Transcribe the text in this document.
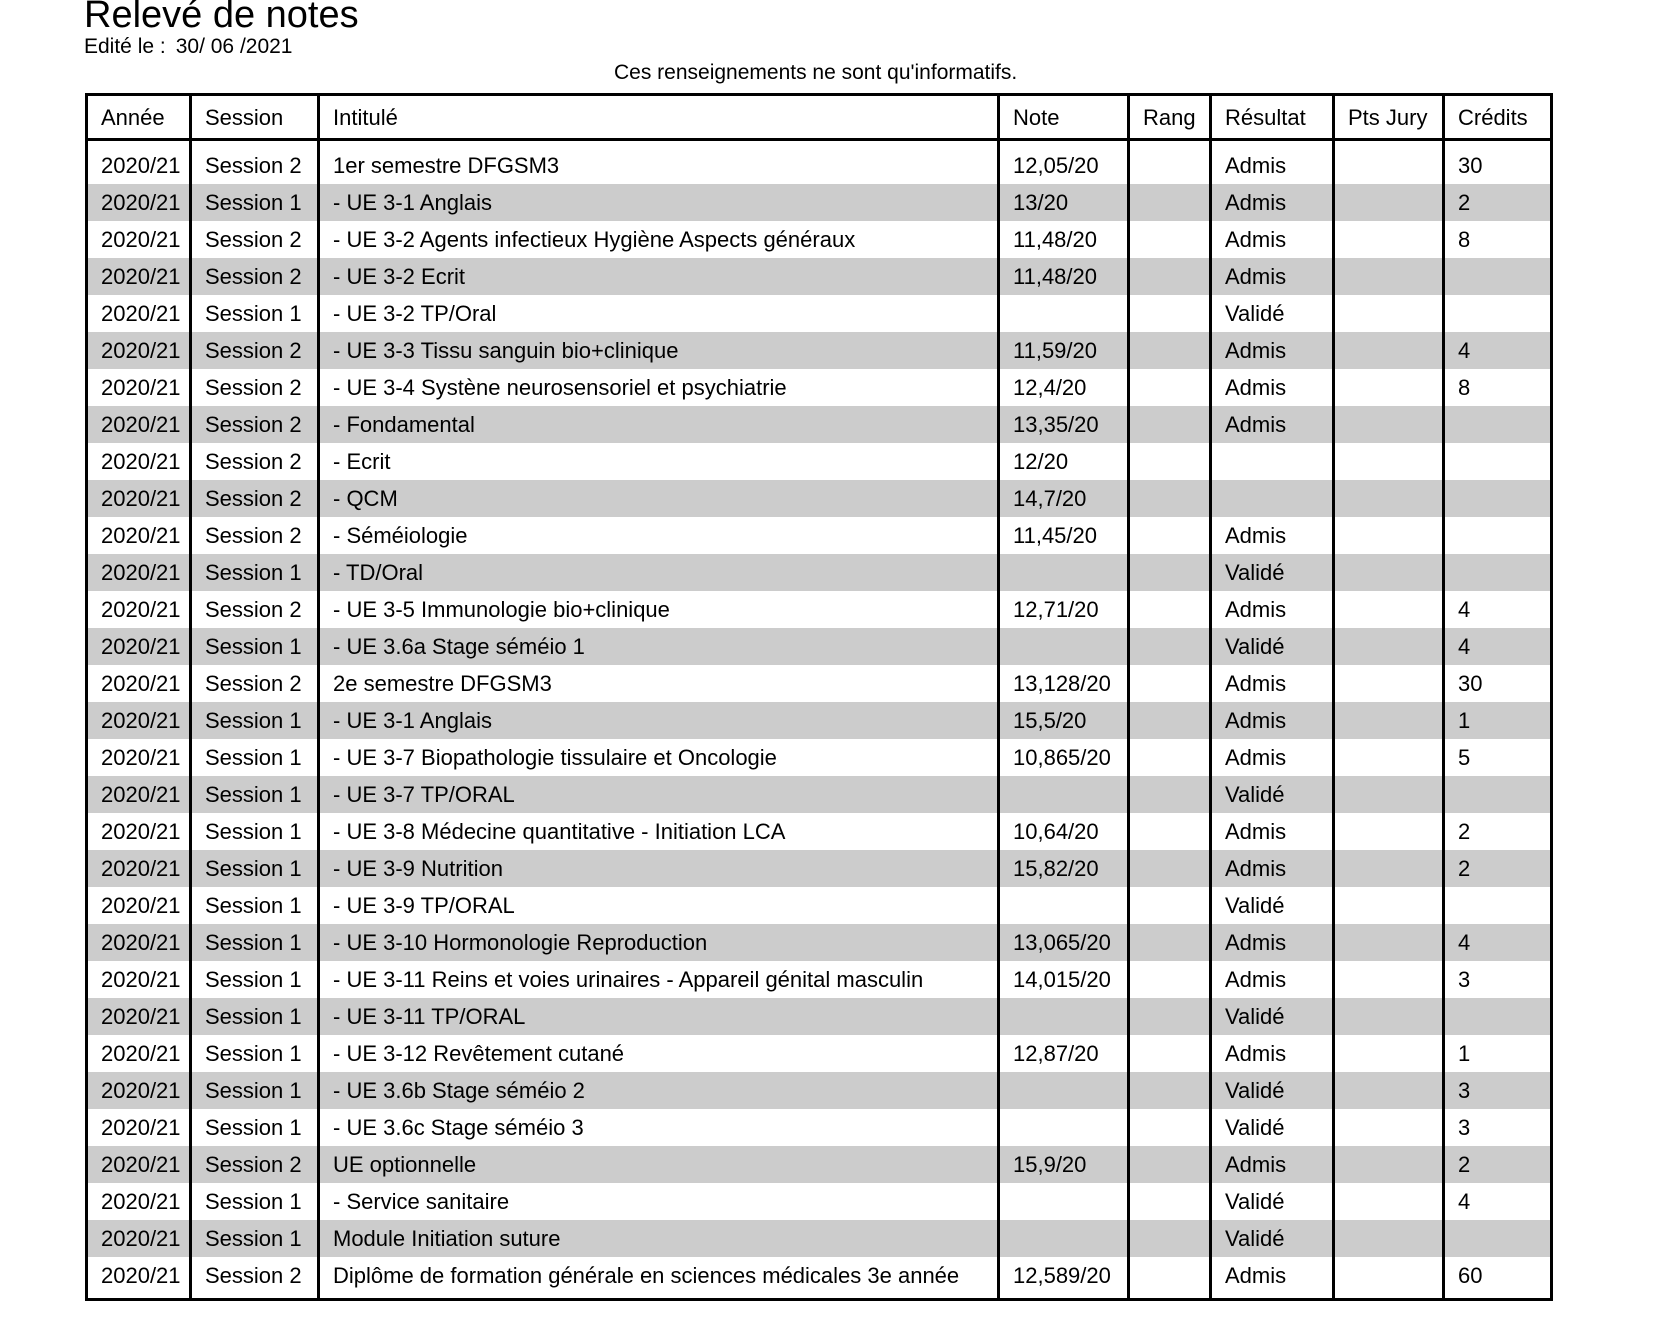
Relevé de notes
Edité le : 30/ 06 /2021
Ces renseignements ne sont qu'informatifs.
Année	Session	Intitulé	Note	Rang	Résultat	Pts Jury	Crédits

2020/21	Session 2	1er semestre DFGSM3	12,05/20		Admis		30
2020/21	Session 1	- UE 3-1 Anglais	13/20		Admis		2
2020/21	Session 2	- UE 3-2 Agents infectieux Hygiène Aspects généraux	11,48/20		Admis		8
2020/21	Session 2	- UE 3-2 Ecrit	11,48/20		Admis		
2020/21	Session 1	- UE 3-2 TP/Oral			Validé		
2020/21	Session 2	- UE 3-3 Tissu sanguin bio+clinique	11,59/20		Admis		4
2020/21	Session 2	- UE 3-4 Systène neurosensoriel et psychiatrie	12,4/20		Admis		8
2020/21	Session 2	- Fondamental	13,35/20		Admis		
2020/21	Session 2	- Ecrit	12/20				
2020/21	Session 2	- QCM	14,7/20				
2020/21	Session 2	- Séméiologie	11,45/20		Admis		
2020/21	Session 1	- TD/Oral			Validé		
2020/21	Session 2	- UE 3-5 Immunologie bio+clinique	12,71/20		Admis		4
2020/21	Session 1	- UE 3.6a Stage séméio 1			Validé		4
2020/21	Session 2	2e semestre DFGSM3	13,128/20		Admis		30
2020/21	Session 1	- UE 3-1 Anglais	15,5/20		Admis		1
2020/21	Session 1	- UE 3-7 Biopathologie tissulaire et Oncologie	10,865/20		Admis		5
2020/21	Session 1	- UE 3-7 TP/ORAL			Validé		
2020/21	Session 1	- UE 3-8 Médecine quantitative - Initiation LCA	10,64/20		Admis		2
2020/21	Session 1	- UE 3-9 Nutrition	15,82/20		Admis		2
2020/21	Session 1	- UE 3-9 TP/ORAL			Validé		
2020/21	Session 1	- UE 3-10 Hormonologie Reproduction	13,065/20		Admis		4
2020/21	Session 1	- UE 3-11 Reins et voies urinaires - Appareil génital masculin	14,015/20		Admis		3
2020/21	Session 1	- UE 3-11 TP/ORAL			Validé		
2020/21	Session 1	- UE 3-12 Revêtement cutané	12,87/20		Admis		1
2020/21	Session 1	- UE 3.6b Stage séméio 2			Validé		3
2020/21	Session 1	- UE 3.6c Stage séméio 3			Validé		3
2020/21	Session 2	UE optionnelle	15,9/20		Admis		2
2020/21	Session 1	- Service sanitaire			Validé		4
2020/21	Session 1	Module Initiation suture			Validé		
2020/21	Session 2	Diplôme de formation générale en sciences médicales 3e année	12,589/20		Admis		60
